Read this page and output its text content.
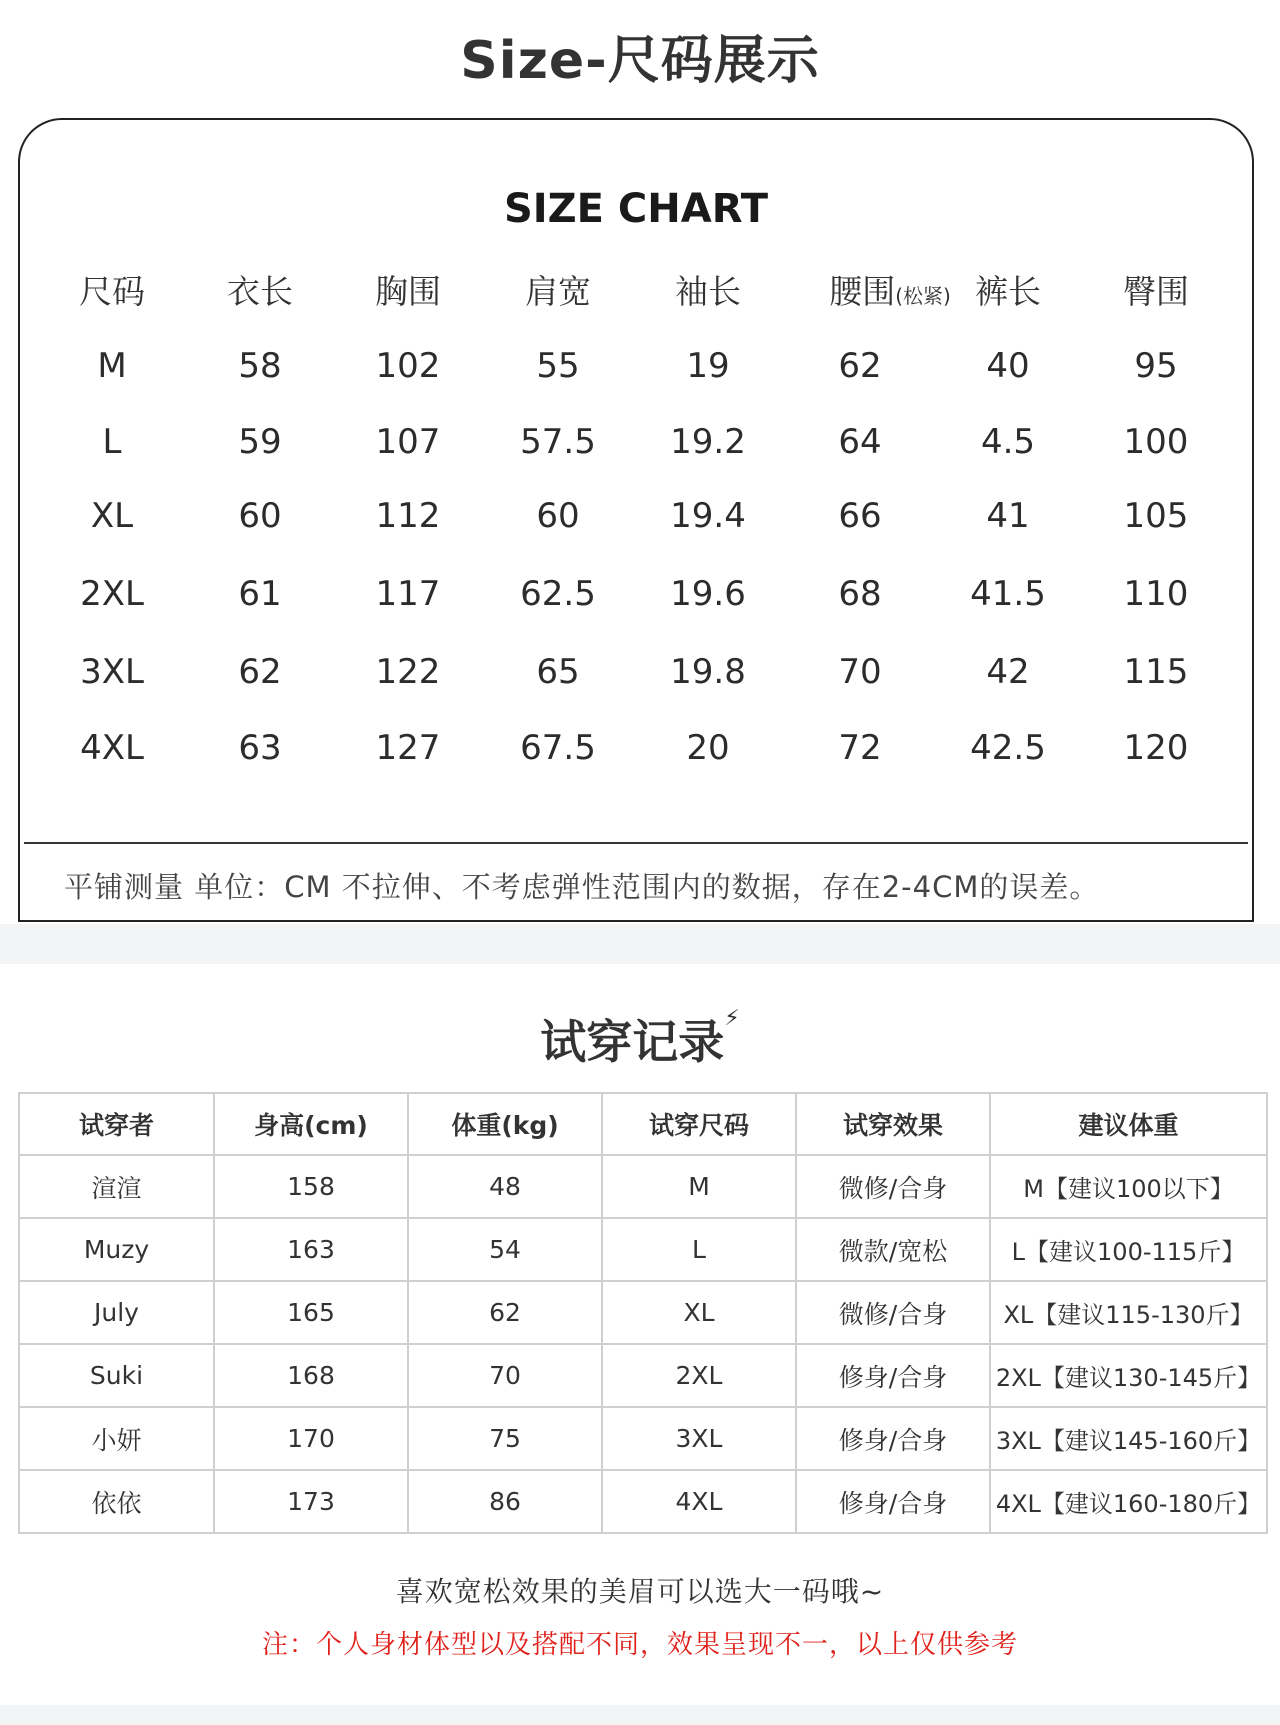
Size-尺码展示
SIZE CHART
尺码 衣长 胸围	肩宽	袖长	腰围(松紧) 裤长 臀围
M	58	102	55	19	62	40	95
L	59	107 57.5 19.2	64	4.5	100
XL	60	112	60	19.4	66	41	105
2XL	61	117 62.5 19.6	68	41.5 110
3XL	62	122	65	19.8	70	42	115
4XL	63	127 67.5	20	72	42.5 120
平铺测量 单位：CM 不拉伸、不考虑弹性范围内的数据，存在2-4CM的误差。
试穿记录⚡
试穿者	身高(cm)	体重(kg)	试穿尺码	试穿效果	建议体重
渲渲	158	48	M	微修/合身	M【建议100以下】
Muzy	163	54	L	微款/宽松	L【建议100-115斤】
July	165	62	XL	微修/合身	XL【建议115-130斤】
Suki	168	70	2XL	修身/合身	2XL【建议130-145斤】
小妍	170	75	3XL	修身/合身	3XL【建议145-160斤】
依依	173	86	4XL	修身/合身	4XL【建议160-180斤】
喜欢宽松效果的美眉可以选大一码哦~
注：个人身材体型以及搭配不同，效果呈现不一，以上仅供参考
